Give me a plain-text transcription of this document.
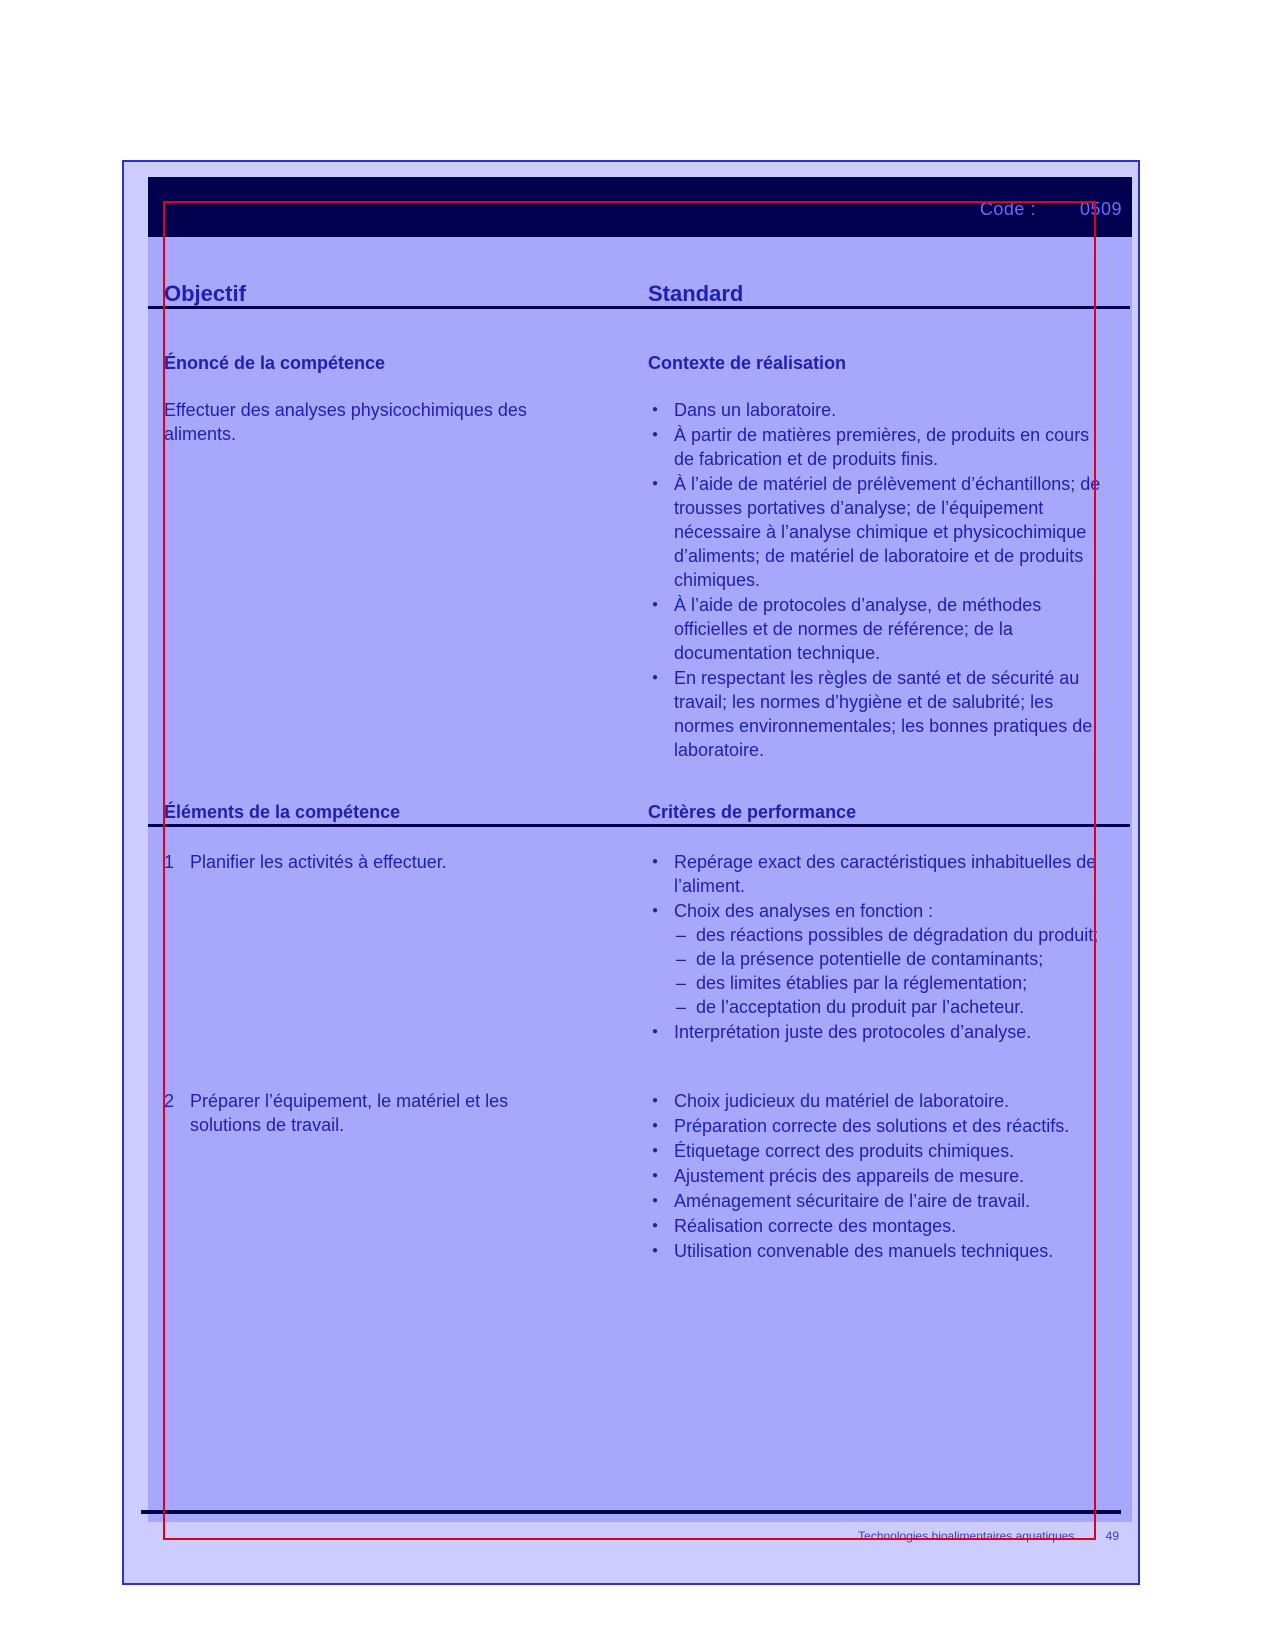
Code : 0509
Objectif	Standard
Énoncé de la compétence	Contexte de réalisation
Effectuer des analyses physicochimiques des aliments.
● Dans un laboratoire.
● À partir de matières premières, de produits en cours de fabrication et de produits finis.
● À l’aide de matériel de prélèvement d’échantillons; de trousses portatives d’analyse; de l’équipement nécessaire à l’analyse chimique et physicochimique d’aliments; de matériel de laboratoire et de produits chimiques.
● À l’aide de protocoles d’analyse, de méthodes officielles et de normes de référence; de la documentation technique.
● En respectant les règles de santé et de sécurité au travail; les normes d’hygiène et de salubrité; les normes environnementales; les bonnes pratiques de laboratoire.
Éléments de la compétence	Critères de performance
1 Planifier les activités à effectuer.
●	Repérage exact des caractéristiques inhabituelles de l’aliment.
● Choix des analyses en fonction :
– des réactions possibles de dégradation du produit;
– de la présence potentielle de contaminants;
– des limites établies par la réglementation;
– de l’acceptation du produit par l’acheteur.
● Interprétation juste des protocoles d’analyse.
2 Préparer l’équipement, le matériel et les solutions de travail.
● Choix judicieux du matériel de laboratoire.
● Préparation correcte des solutions et des réactifs.
● Étiquetage correct des produits chimiques.
● Ajustement précis des appareils de mesure.
● Aménagement sécuritaire de l’aire de travail.
● Réalisation correcte des montages.
● Utilisation convenable des manuels techniques.
Technologies bioalimentaires aquatiques	49
